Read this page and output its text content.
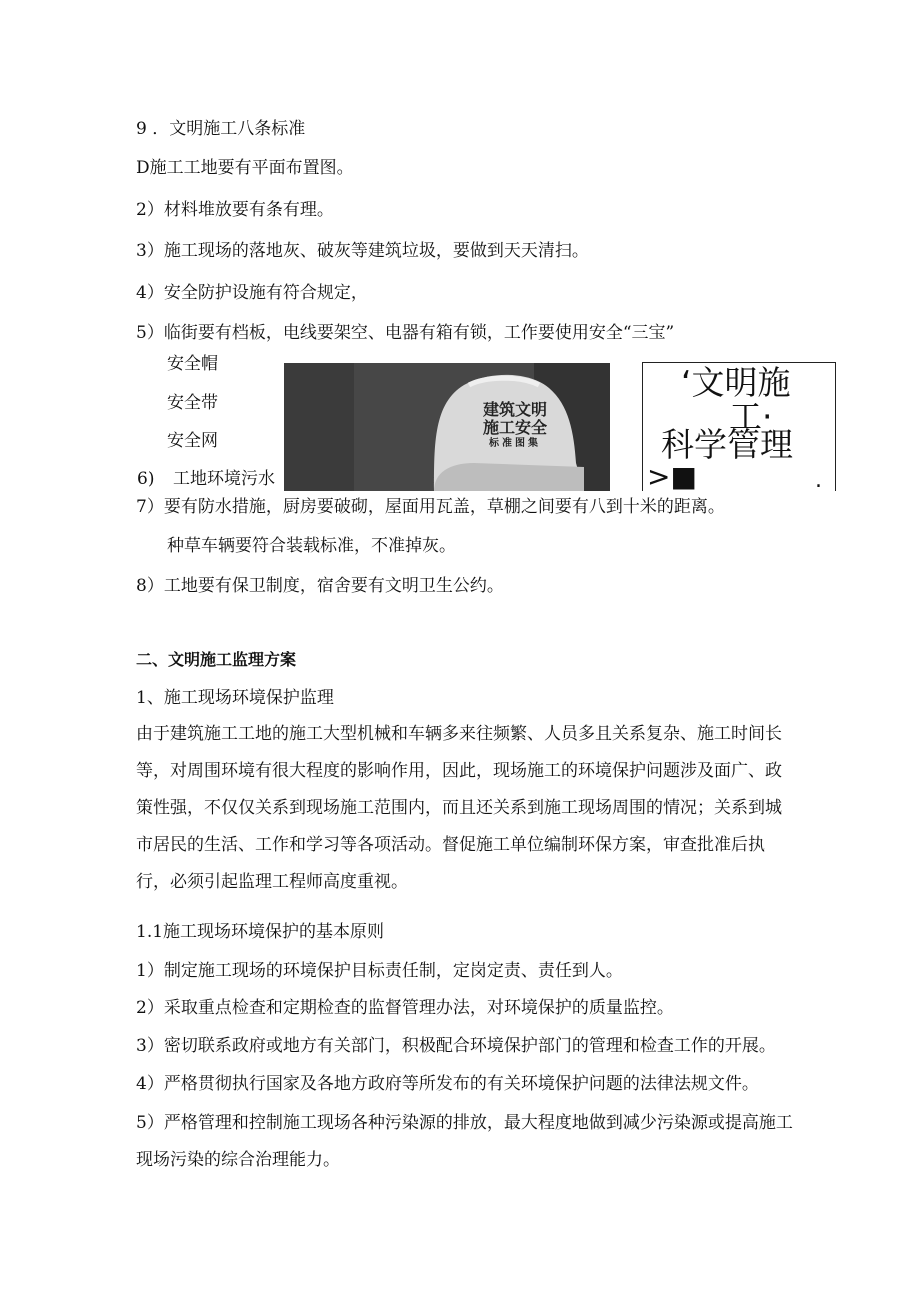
9 ．文明施工八条标准
D施工工地要有平面布置图。
2）材料堆放要有条有理。
3）施工现场的落地灰、破灰等建筑垃圾，要做到天天清扫。
4）安全防护设施有符合规定，
5）临街要有档板，电线要架空、电器有箱有锁，工作要使用安全“三宝”
安全帽
安全带
安全网
6) 工地环境污水
建筑文明
施工安全
标准图集
‘文明施
工·
科学管理
>■	.
7）要有防水措施，厨房要破砌，屋面用瓦盖，草棚之间要有八到十米的距离。
种草车辆要符合装载标准，不准掉灰。
8）工地要有保卫制度，宿舍要有文明卫生公约。
二、文明施工监理方案
1、施工现场环境保护监理
由于建筑施工工地的施工大型机械和车辆多来往频繁、人员多且关系复杂、施工时间长等，对周围环境有很大程度的影响作用，因此，现场施工的环境保护问题涉及面广、政策性强，不仅仅关系到现场施工范围内，而且还关系到施工现场周围的情况；关系到城市居民的生活、工作和学习等各项活动。督促施工单位编制环保方案，审查批准后执行，必须引起监理工程师高度重视。
1.1施工现场环境保护的基本原则
1）制定施工现场的环境保护目标责任制，定岗定责、责任到人。
2）采取重点检查和定期检查的监督管理办法，对环境保护的质量监控。
3）密切联系政府或地方有关部门，积极配合环境保护部门的管理和检查工作的开展。
4）严格贯彻执行国家及各地方政府等所发布的有关环境保护问题的法律法规文件。
5）严格管理和控制施工现场各种污染源的排放，最大程度地做到减少污染源或提高施工现场污染的综合治理能力。
